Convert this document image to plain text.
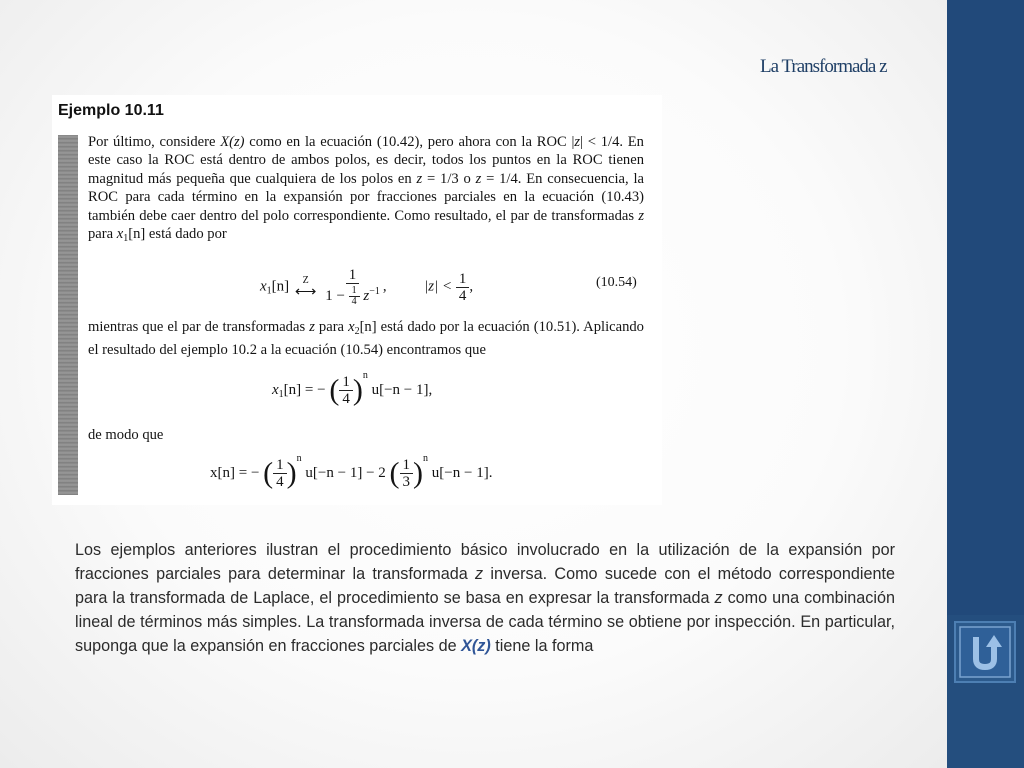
La Transformada z
Ejemplo 10.11

Por último, considere X(z) como en la ecuación (10.42), pero ahora con la ROC |z| < 1/4. En este caso la ROC está dentro de ambos polos, es decir, todos los puntos en la ROC tienen magnitud más pequeña que cualquiera de los polos en z = 1/3 o z = 1/4. En consecuencia, la ROC para cada término en la expansión por fracciones parciales en la ecuación (10.43) también debe caer dentro del polo correspondiente. Como resultado, el par de transformadas z para $x_1[n]$ está dado por

$x_1[n]$ Z
⟷
$\frac{1}{1 - \frac{1}{4} z^{-1}}$ ,	$|z| < \frac{1}{4}$ ,	(10.54)

mientras que el par de transformadas z para $x_2[n]$ está dado por la ecuación (10.51). Aplicando el resultado del ejemplo 10.2 a la ecuación (10.54) encontramos que

$x_1[n]$ = − ( $\frac{1}{4} )^n$ u[−n − 1],

de modo que

x[n] = − ( $\frac{1}{4} )^n$ u[−n − 1] − 2 ( $\frac{1}{3} )^n$ u[−n − 1].

Los ejemplos anteriores ilustran el procedimiento básico involucrado en la utilización de la expansión por fracciones parciales para determinar la transformada z inversa. Como sucede con el método correspondiente para la transformada de Laplace, el procedimiento se basa en expresar la transformada z como una combinación lineal de términos más simples. La transformada inversa de cada término se obtiene por inspección. En particular, suponga que la expansión en fracciones parciales de X(z) tiene la forma
